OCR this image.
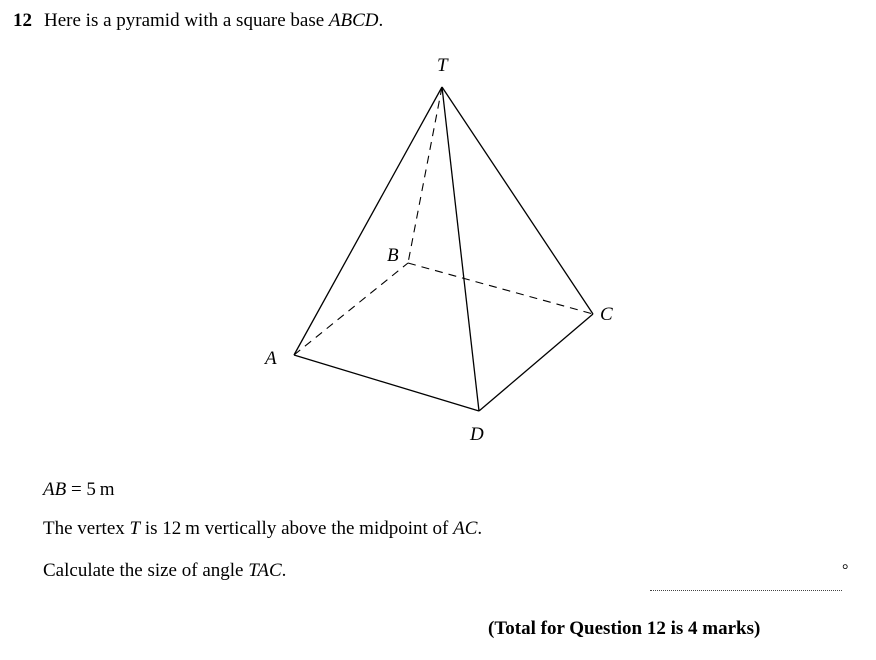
12 Here is a pyramid with a square base ABCD.
T
B
C
A
D
AB = 5 m
The vertex T is 12 m vertically above the midpoint of AC.
Calculate the size of angle TAC.	°
(Total for Question 12 is 4 marks)
